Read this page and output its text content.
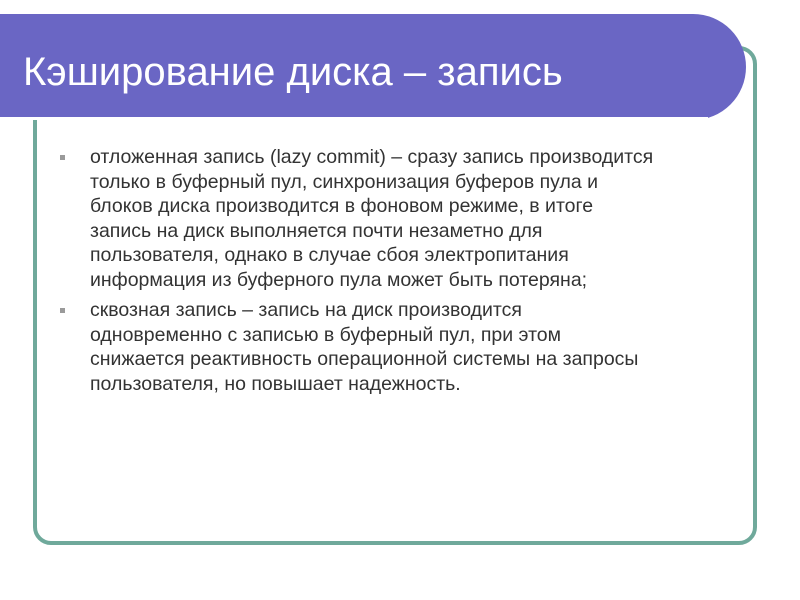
Кэширование диска – запись
отложенная запись (lazy commit) – сразу запись производится
только в буферный пул, синхронизация буферов пула и
блоков диска производится в фоновом режиме, в итоге
запись на диск выполняется почти незаметно для
пользователя, однако в случае сбоя электропитания
информация из буферного пула может быть потеряна;
сквозная запись – запись на диск производится
одновременно с записью в буферный пул, при этом
снижается реактивность операционной системы на запросы
пользователя, но повышает надежность.
